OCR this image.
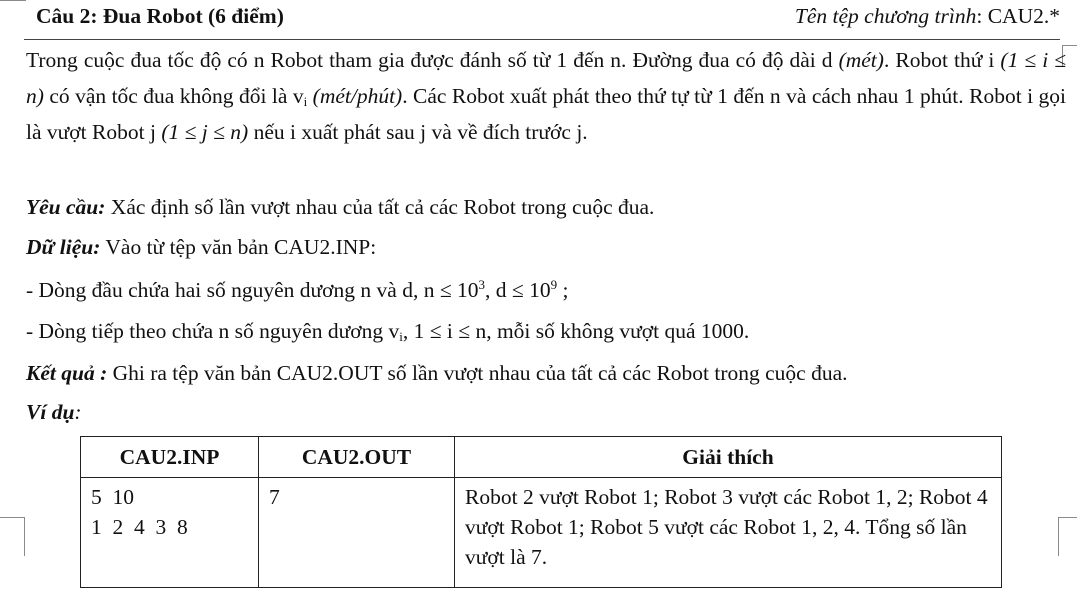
Câu 2: Đua Robot (6 điểm)	Tên tệp chương trình: CAU2.*

Trong cuộc đua tốc độ có n Robot tham gia được đánh số từ 1 đến n. Đường đua có độ dài d (mét). Robot thứ i (1 ≤ i ≤ n) có vận tốc đua không đổi là $v_i$ (mét/phút). Các Robot xuất phát theo thứ tự từ 1 đến n và cách nhau 1 phút. Robot i gọi là vượt Robot j (1 ≤ j ≤ n) nếu i xuất phát sau j và về đích trước j.

Yêu cầu: Xác định số lần vượt nhau của tất cả các Robot trong cuộc đua.
Dữ liệu: Vào từ tệp văn bản CAU2.INP:
- Dòng đầu chứa hai số nguyên dương n và d, $n \le 10^3$, $d \le 10^9$ ;
- Dòng tiếp theo chứa n số nguyên dương $v_i$, 1 ≤ i ≤ n, mỗi số không vượt quá 1000.
Kết quả : Ghi ra tệp văn bản CAU2.OUT số lần vượt nhau của tất cả các Robot trong cuộc đua.
Ví dụ:
CAU2.INP	CAU2.OUT	Giải thích

5  10
1  2  4  3  8	7	Robot 2 vượt Robot 1; Robot 3 vượt các Robot 1, 2; Robot 4 vượt Robot 1; Robot 5 vượt các Robot 1, 2, 4. Tổng số lần vượt là 7.
